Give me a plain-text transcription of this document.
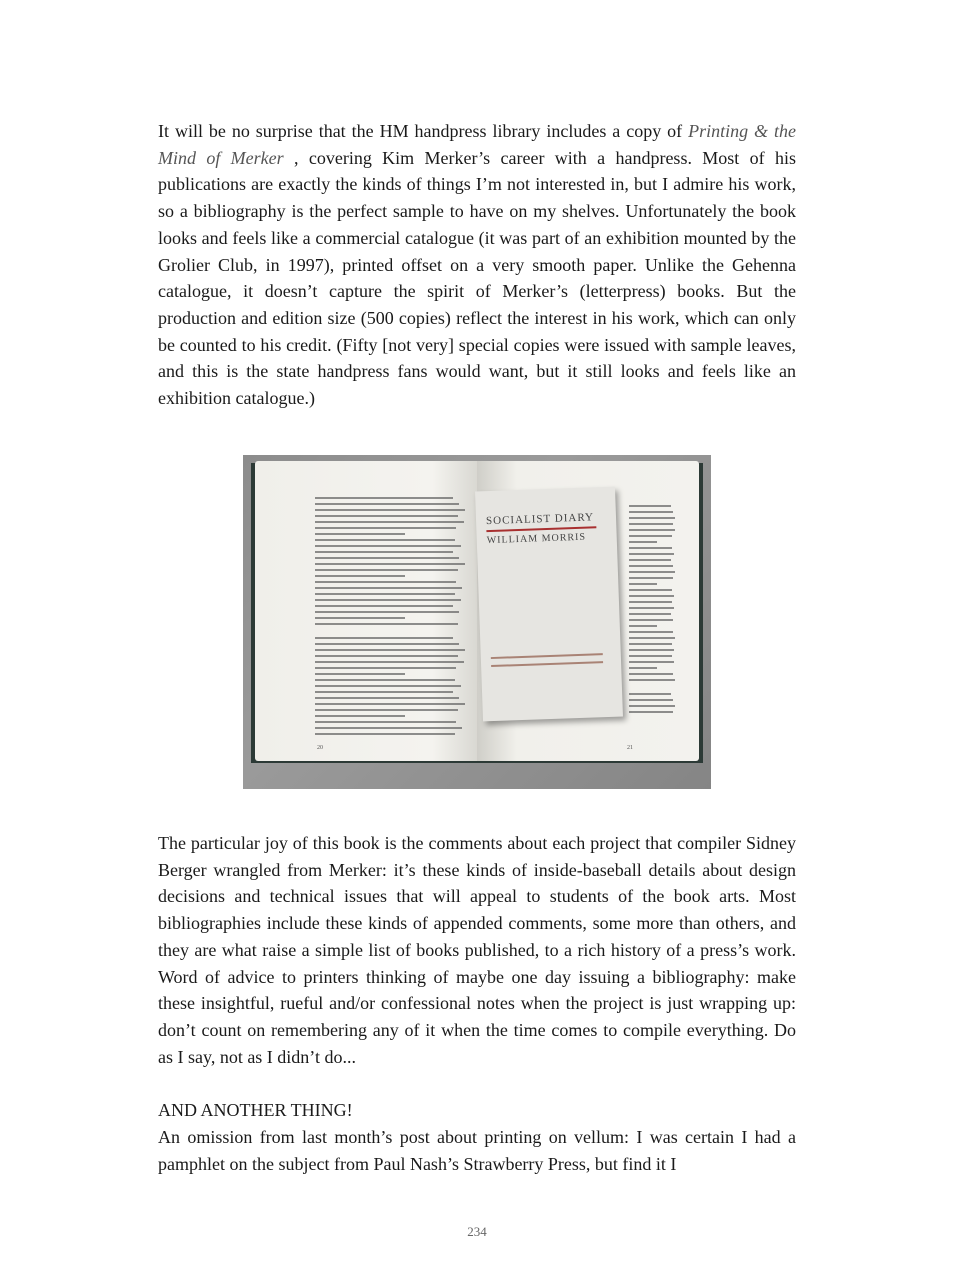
It will be no surprise that the HM handpress library includes a copy of Printing & the Mind of Merker , covering Kim Merker’s career with a handpress. Most of his publications are exactly the kinds of things I’m not interested in, but I admire his work, so a bibliography is the perfect sample to have on my shelves. Unfortunately the book looks and feels like a commercial catalogue (it was part of an exhibition mounted by the Grolier Club, in 1997), printed offset on a very smooth paper. Unlike the Gehenna catalogue, it doesn’t capture the spirit of Merker’s (letterpress) books. But the production and edition size (500 copies) reflect the interest in his work, which can only be counted to his credit. (Fifty [not very] special copies were issued with sample leaves, and this is the state handpress fans would want, but it still looks and feels like an exhibition catalogue.)

20	21
SOCIALIST DIARY
WILLIAM MORRIS

The particular joy of this book is the comments about each project that compiler Sidney Berger wrangled from Merker: it’s these kinds of inside-baseball details about design decisions and technical issues that will appeal to students of the book arts. Most bibliographies include these kinds of appended comments, some more than others, and they are what raise a simple list of books published, to a rich history of a press’s work. Word of advice to printers thinking of maybe one day issuing a bibliography: make these insightful, rueful and/or confessional notes when the project is just wrapping up: don’t count on remembering any of it when the time comes to compile everything. Do as I say, not as I didn’t do...

AND ANOTHER THING!

An omission from last month’s post about printing on vellum: I was certain I had a pamphlet on the subject from Paul Nash’s Strawberry Press, but find it I

234
